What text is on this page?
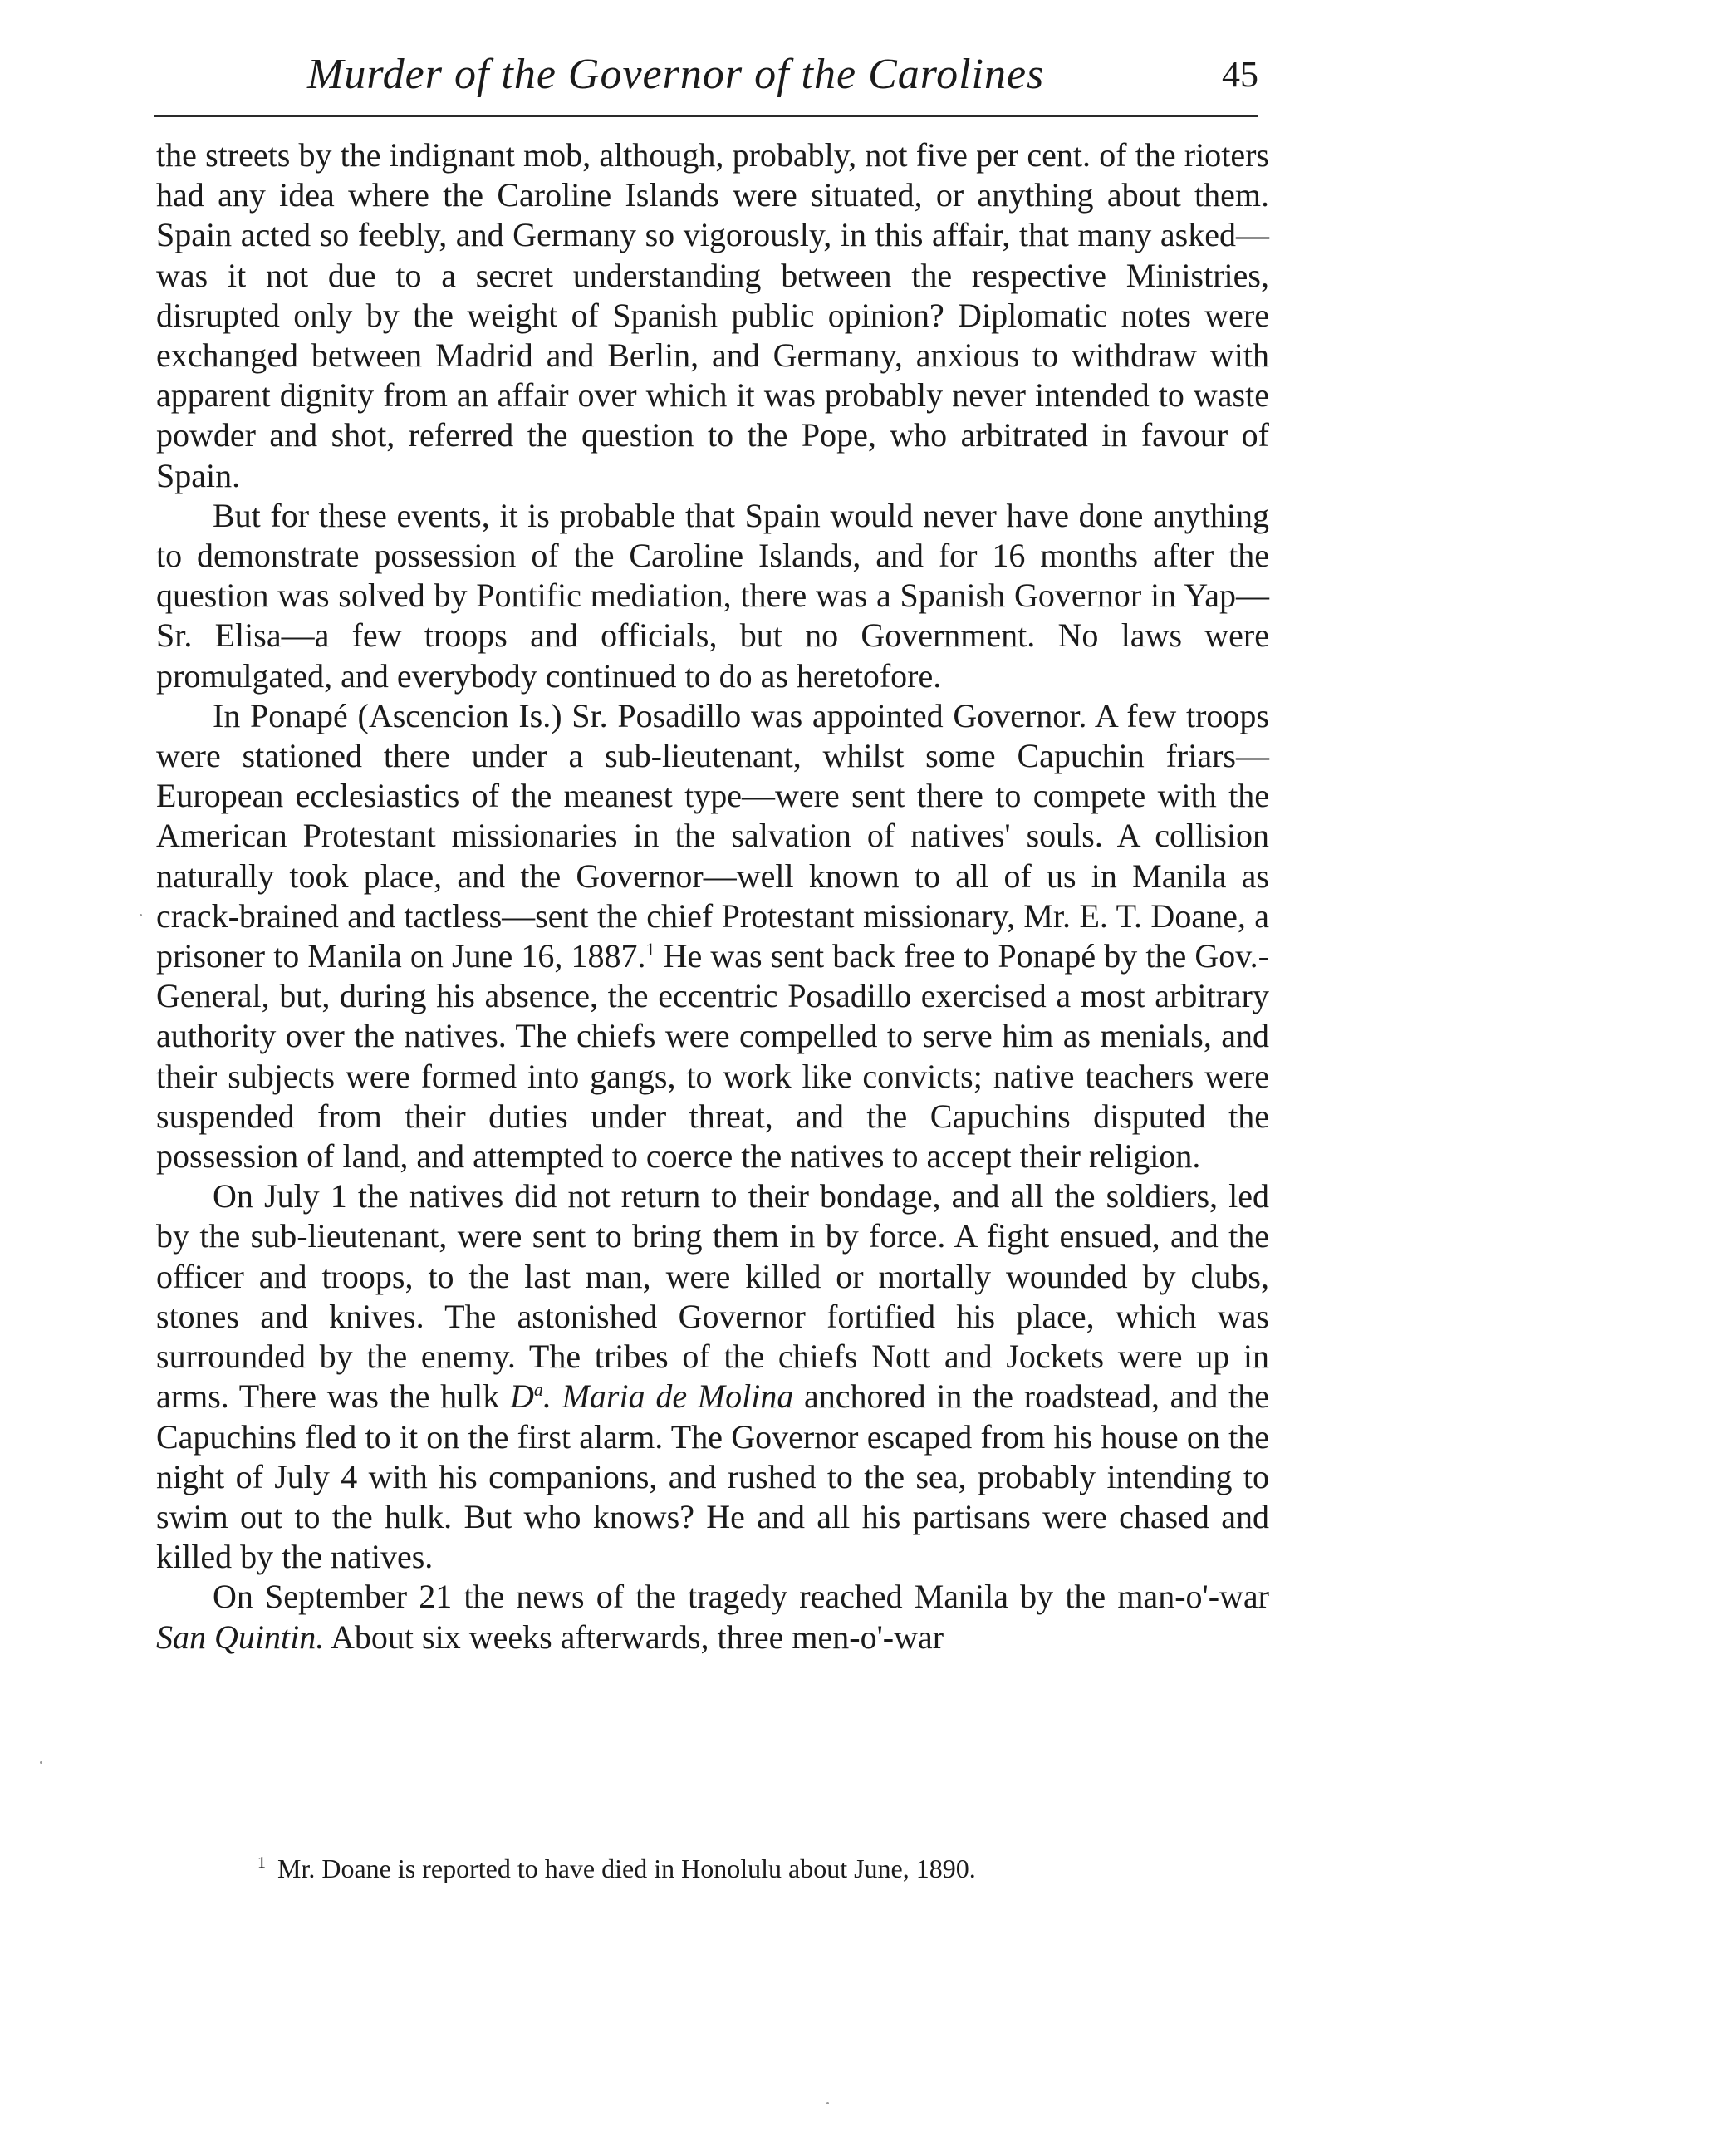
Murder of the Governor of the Carolines	45

the streets by the indignant mob, although, probably, not five per cent. of the rioters had any idea where the Caroline Islands were situated, or anything about them. Spain acted so feebly, and Germany so vigorously, in this affair, that many asked—was it not due to a secret understanding between the respective Ministries, disrupted only by the weight of Spanish public opinion? Diplomatic notes were exchanged between Madrid and Berlin, and Germany, anxious to withdraw with apparent dignity from an affair over which it was probably never intended to waste powder and shot, referred the question to the Pope, who arbitrated in favour of Spain.

But for these events, it is probable that Spain would never have done anything to demonstrate possession of the Caroline Islands, and for 16 months after the question was solved by Pontific mediation, there was a Spanish Governor in Yap—Sr. Elisa—a few troops and officials, but no Government. No laws were promulgated, and everybody continued to do as heretofore.

In Ponapé (Ascencion Is.) Sr. Posadillo was appointed Governor. A few troops were stationed there under a sub-lieutenant, whilst some Capuchin friars—European ecclesiastics of the meanest type—were sent there to compete with the American Protestant missionaries in the salvation of natives' souls. A collision naturally took place, and the Governor—well known to all of us in Manila as crack-brained and tactless—sent the chief Protestant missionary, Mr. E. T. Doane, a prisoner to Manila on June 16, 1887.$^1$ He was sent back free to Ponapé by the Gov.-General, but, during his absence, the eccentric Posadillo exercised a most arbitrary authority over the natives. The chiefs were compelled to serve him as menials, and their subjects were formed into gangs, to work like convicts; native teachers were suspended from their duties under threat, and the Capuchins disputed the possession of land, and attempted to coerce the natives to accept their religion.

On July 1 the natives did not return to their bondage, and all the soldiers, led by the sub-lieutenant, were sent to bring them in by force. A fight ensued, and the officer and troops, to the last man, were killed or mortally wounded by clubs, stones and knives. The astonished Governor fortified his place, which was surrounded by the enemy. The tribes of the chiefs Nott and Jockets were up in arms. There was the hulk $D^a$. Maria de Molina anchored in the roadstead, and the Capuchins fled to it on the first alarm. The Governor escaped from his house on the night of July 4 with his companions, and rushed to the sea, probably intending to swim out to the hulk. But who knows? He and all his partisans were chased and killed by the natives.

On September 21 the news of the tragedy reached Manila by the man-o'-war San Quintin. About six weeks afterwards, three men-o'-war

$^1$ Mr. Doane is reported to have died in Honolulu about June, 1890.
